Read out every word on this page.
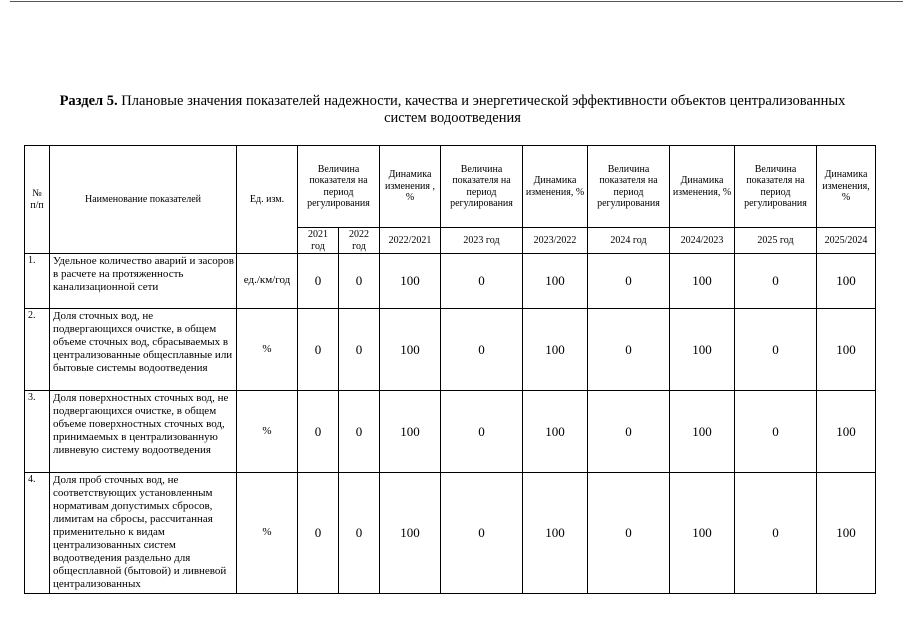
Раздел 5. Плановые значения показателей надежности, качества и энергетической эффективности объектов централизованных систем водоотведения
№ п/п	Наименование показателей	Ед. изм.	Величина показателя на период регулирования		Динамика изменения , %	Величина показателя на период регулирования	Динамика изменения, %	Величина показателя на период регулирования	Динамика изменения, %	Величина показателя на период регулирования	Динамика изменения, %
			2021 год	2022 год	2022/2021	2023 год	2023/2022	2024 год	2024/2023	2025 год	2025/2024
1.	Удельное количество аварий и засоров в расчете на протяженность канализационной сети	ед./км/год	0	0	100	0	100	0	100	0	100
2.	Доля сточных вод, не подвергающихся очистке, в общем объеме сточных вод, сбрасываемых в централизованные общесплавные или бытовые системы водоотведения	%	0	0	100	0	100	0	100	0	100
3.	Доля поверхностных сточных вод, не подвергающихся очистке, в общем объеме поверхностных сточных вод, принимаемых в централизованную ливневую систему водоотведения	%	0	0	100	0	100	0	100	0	100
4.	Доля проб сточных вод, не соответствующих установленным нормативам допустимых сбросов, лимитам на сбросы, рассчитанная применительно к видам централизованных систем водоотведения раздельно для общесплавной (бытовой) и ливневой централизованных	%	0	0	100	0	100	0	100	0	100
